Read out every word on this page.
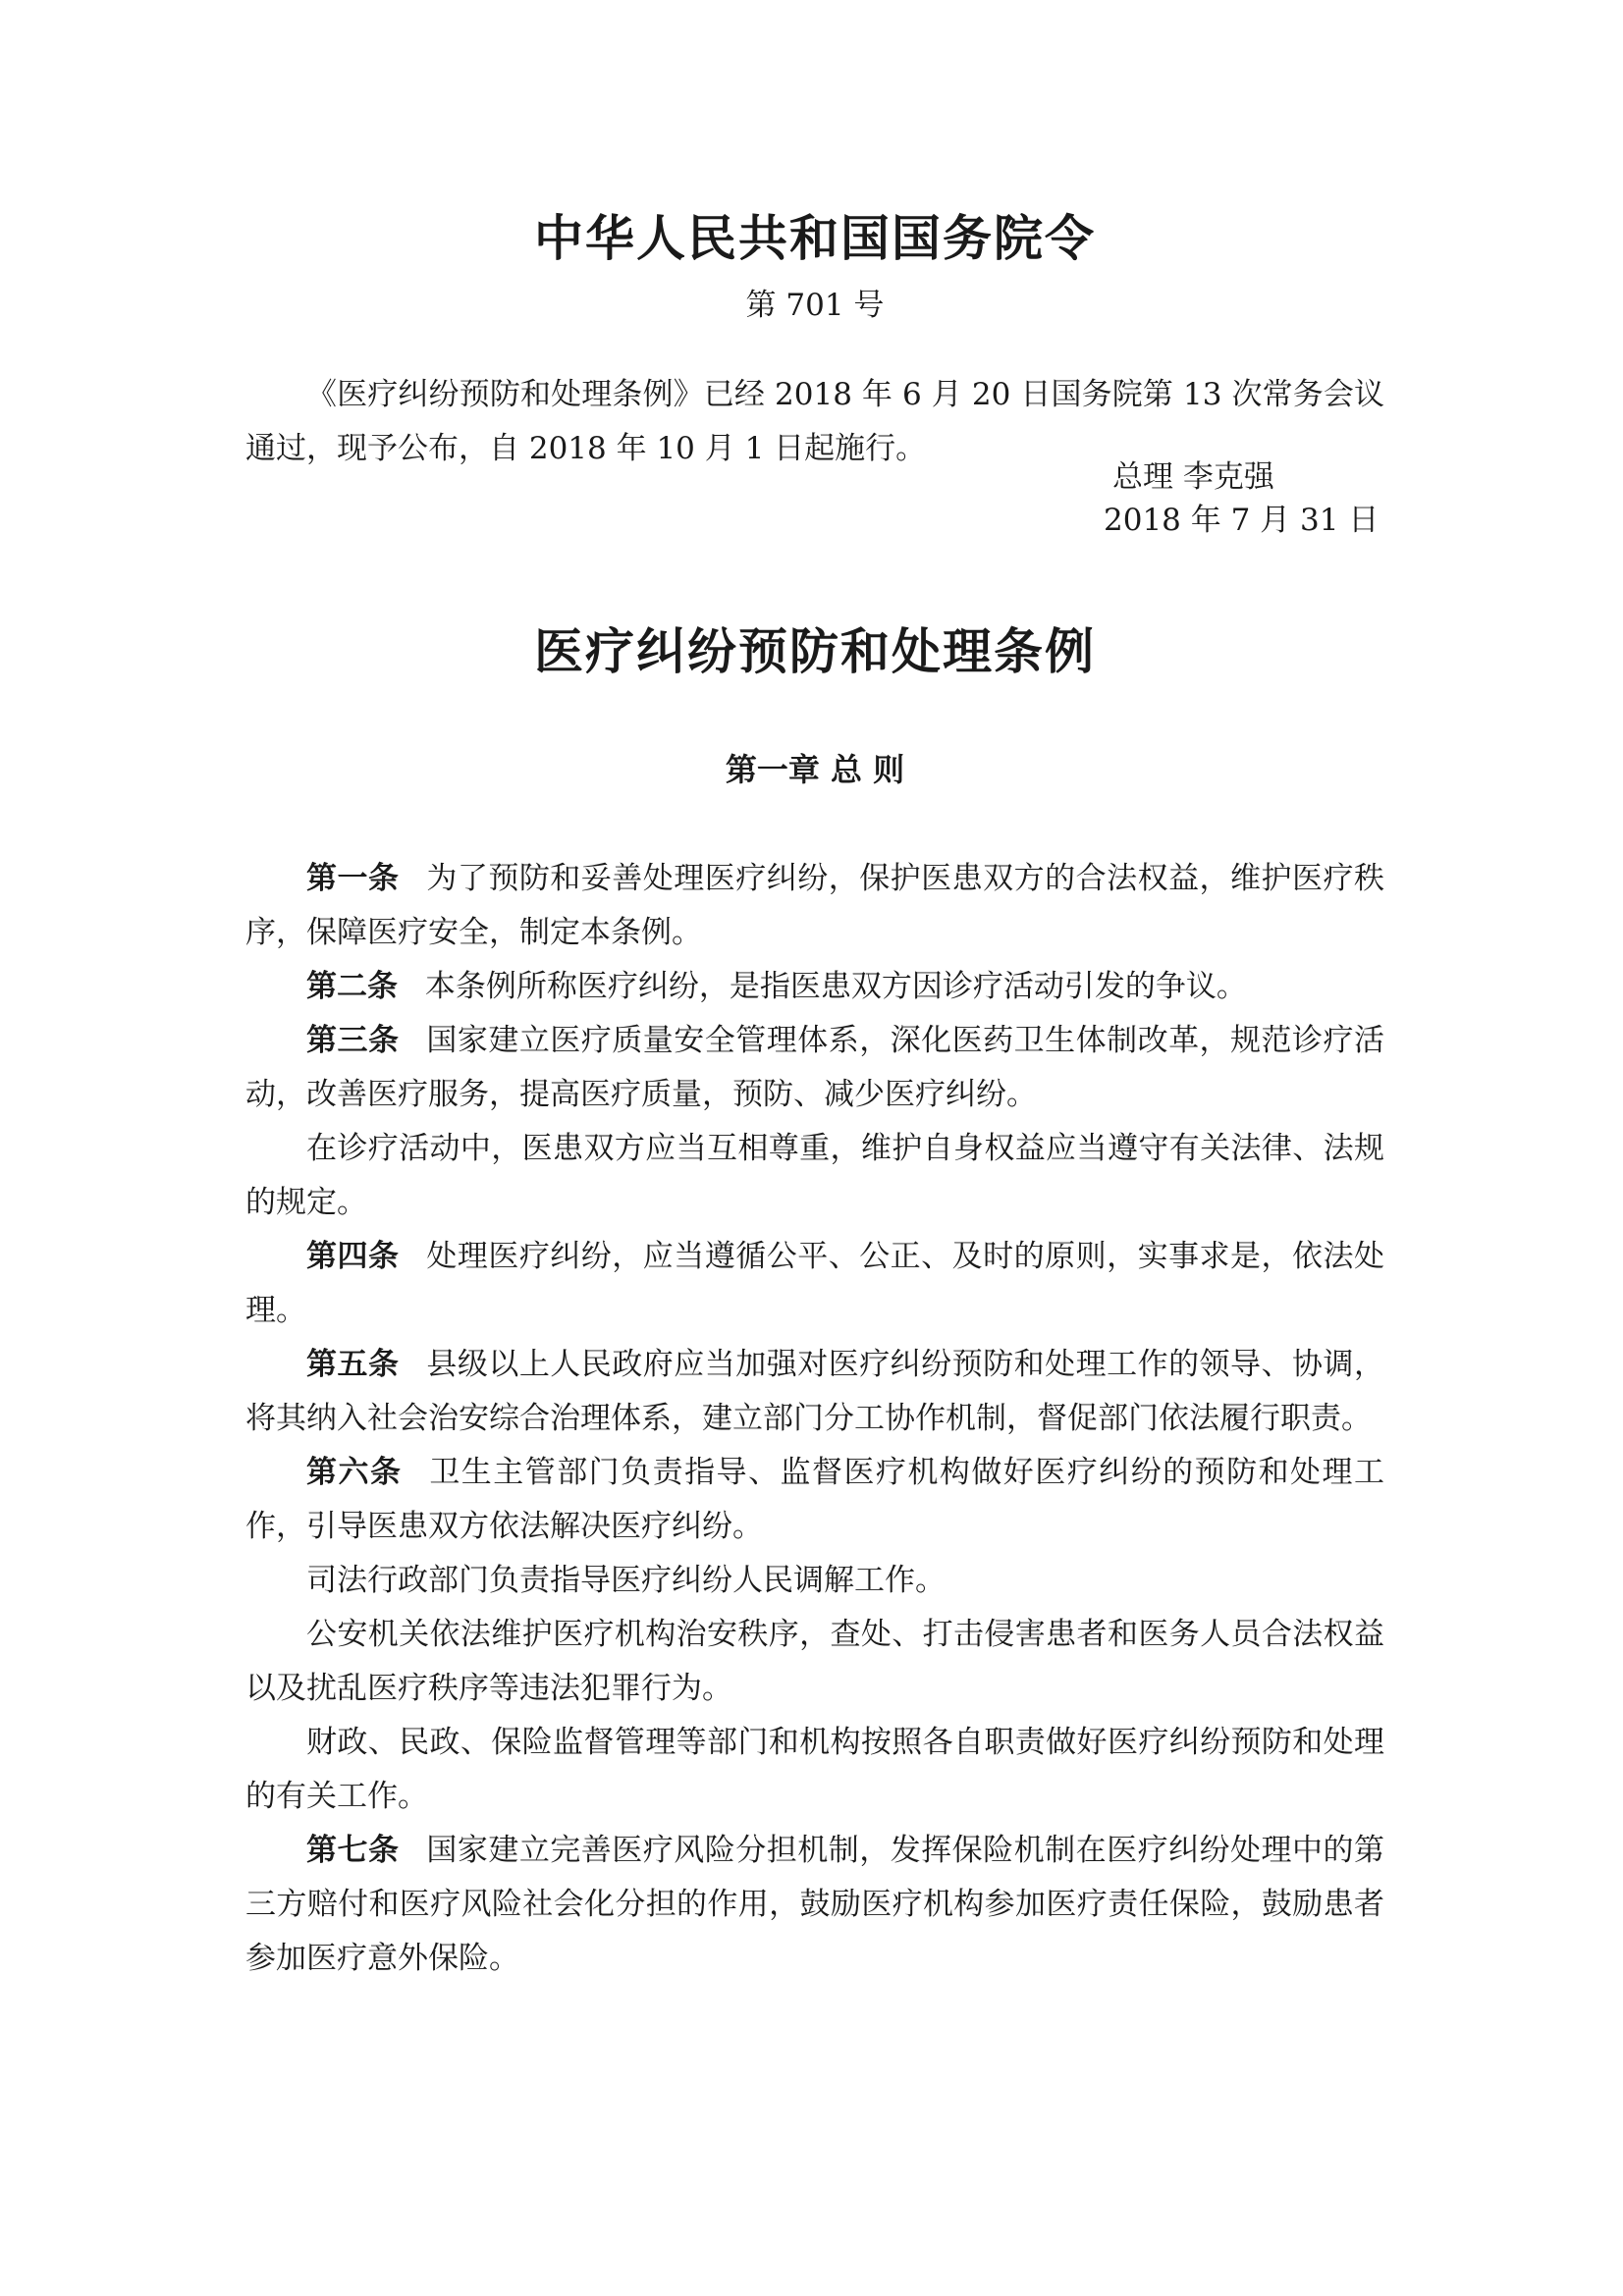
中华人民共和国国务院令
第 701 号

《医疗纠纷预防和处理条例》已经 2018 年 6 月 20 日国务院第 13 次常务会议通过，现予公布，自 2018 年 10 月 1 日起施行。

总理 李克强
2018 年 7 月 31 日
医疗纠纷预防和处理条例
第一章 总 则

第一条 为了预防和妥善处理医疗纠纷，保护医患双方的合法权益，维护医疗秩序，保障医疗安全，制定本条例。

第二条 本条例所称医疗纠纷，是指医患双方因诊疗活动引发的争议。

第三条 国家建立医疗质量安全管理体系，深化医药卫生体制改革，规范诊疗活动，改善医疗服务，提高医疗质量，预防、减少医疗纠纷。

在诊疗活动中，医患双方应当互相尊重，维护自身权益应当遵守有关法律、法规的规定。

第四条 处理医疗纠纷，应当遵循公平、公正、及时的原则，实事求是，依法处理。

第五条 县级以上人民政府应当加强对医疗纠纷预防和处理工作的领导、协调，将其纳入社会治安综合治理体系，建立部门分工协作机制，督促部门依法履行职责。

第六条 卫生主管部门负责指导、监督医疗机构做好医疗纠纷的预防和处理工作，引导医患双方依法解决医疗纠纷。

司法行政部门负责指导医疗纠纷人民调解工作。

公安机关依法维护医疗机构治安秩序，查处、打击侵害患者和医务人员合法权益以及扰乱医疗秩序等违法犯罪行为。

财政、民政、保险监督管理等部门和机构按照各自职责做好医疗纠纷预防和处理的有关工作。

第七条 国家建立完善医疗风险分担机制，发挥保险机制在医疗纠纷处理中的第三方赔付和医疗风险社会化分担的作用，鼓励医疗机构参加医疗责任保险，鼓励患者参加医疗意外保险。
